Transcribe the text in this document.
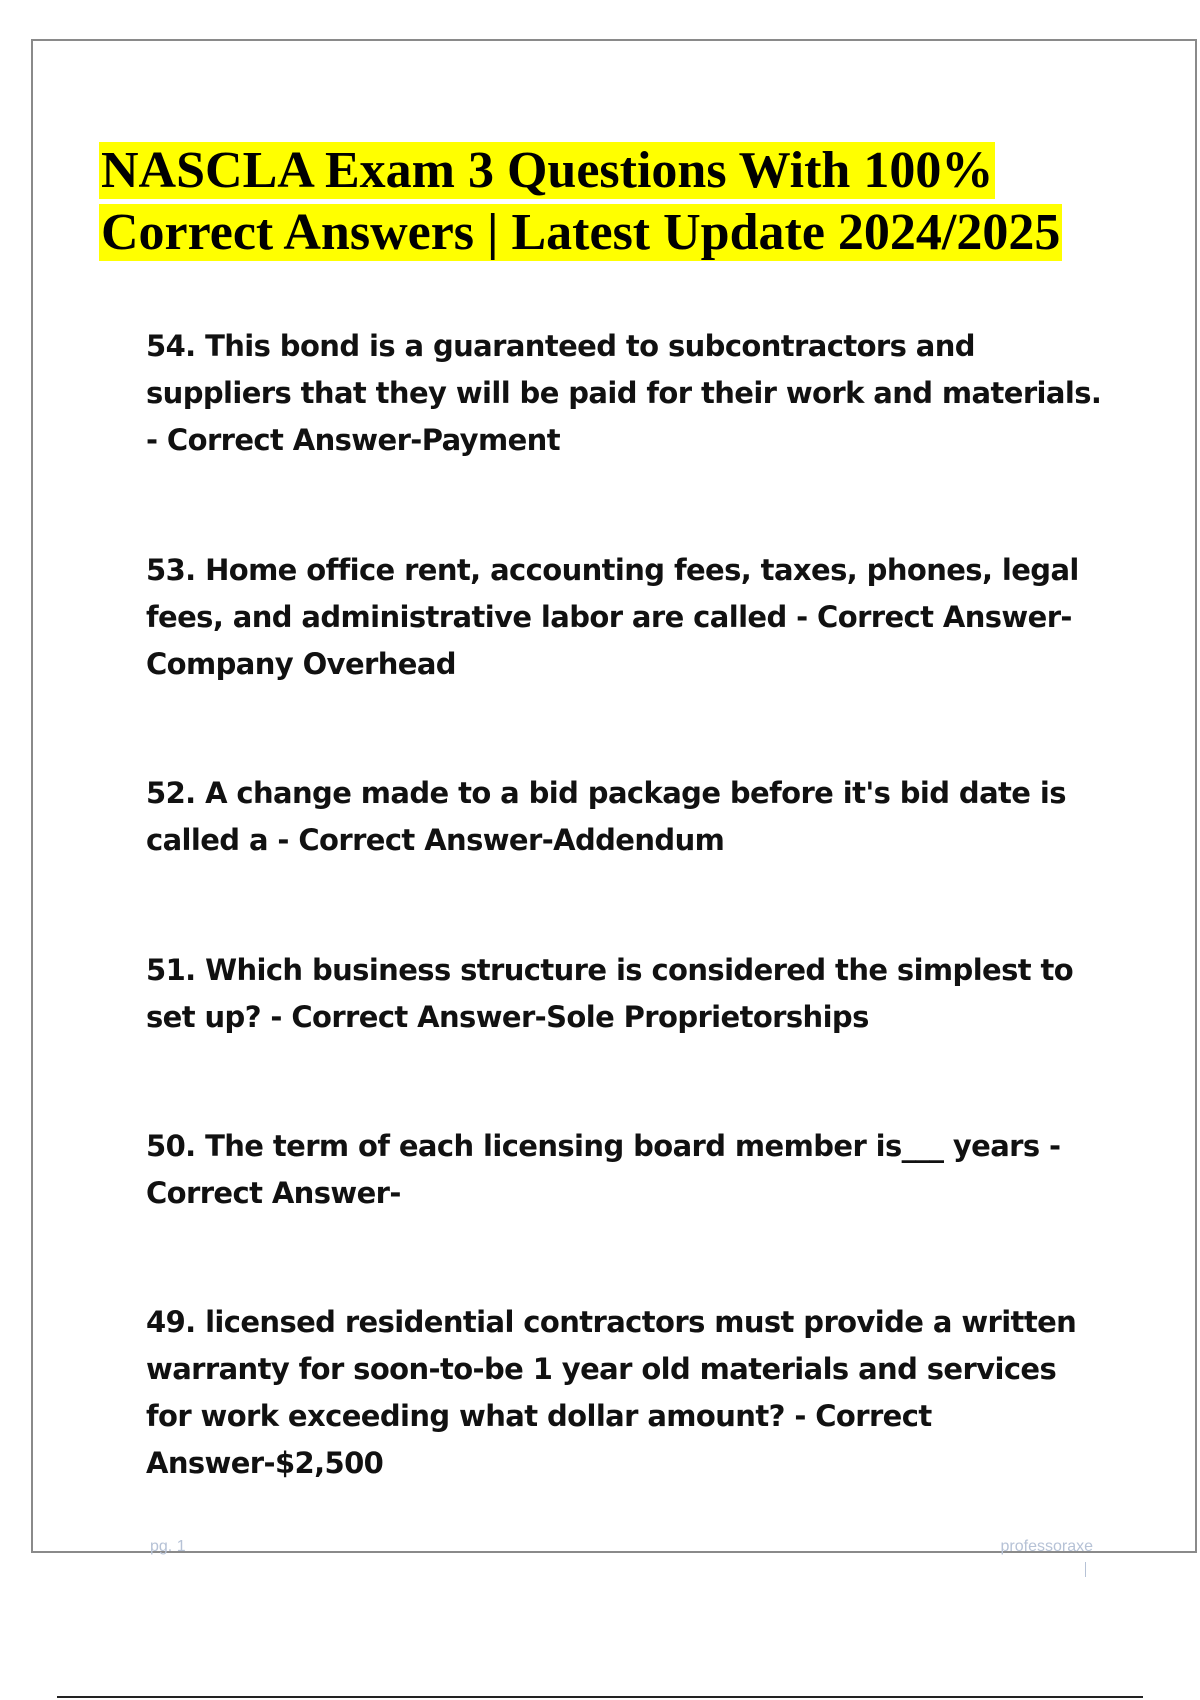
NASCLA Exam 3 Questions With 100%
Correct Answers | Latest Update 2024/2025

54. This bond is a guaranteed to subcontractors and suppliers that they will be paid for their work and materials. - Correct Answer-Payment

53. Home office rent, accounting fees, taxes, phones, legal fees, and administrative labor are called - Correct Answer-Company Overhead

52. A change made to a bid package before it's bid date is called a - Correct Answer-Addendum

51. Which business structure is considered the simplest to set up? - Correct Answer-Sole Proprietorships

50. The term of each licensing board member is___ years - Correct Answer-

49. licensed residential contractors must provide a written warranty for soon-to-be 1 year old materials and services for work exceeding what dollar amount? - Correct Answer-$2,500

pg. 1	professoraxe
